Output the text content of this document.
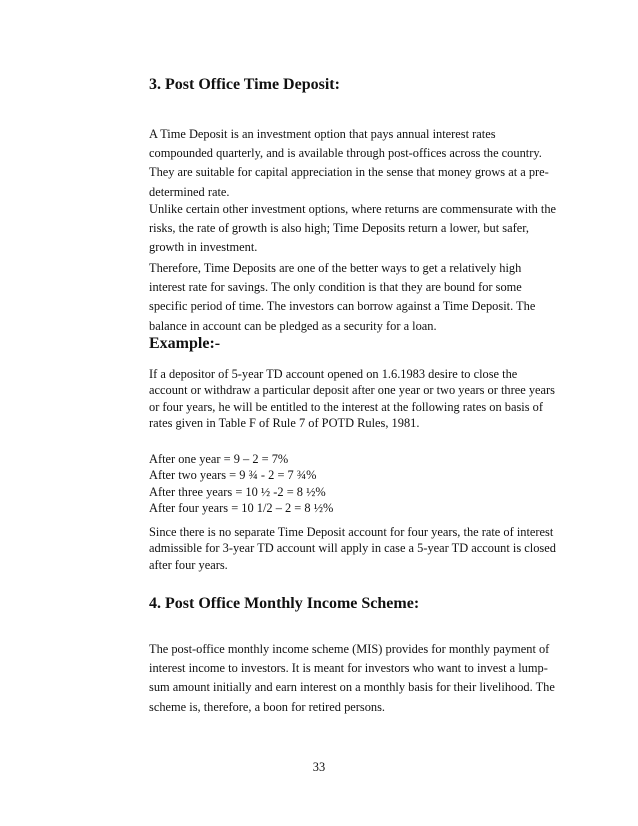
3. Post Office Time Deposit:

A Time Deposit is an investment option that pays annual interest rates
compounded quarterly, and is available through post-offices across the country.
They are suitable for capital appreciation in the sense that money grows at a pre-
determined rate.

Unlike certain other investment options, where returns are commensurate with the
risks, the rate of growth is also high; Time Deposits return a lower, but safer,
growth in investment.

Therefore, Time Deposits are one of the better ways to get a relatively high
interest rate for savings. The only condition is that they are bound for some
specific period of time. The investors can borrow against a Time Deposit. The
balance in account can be pledged as a security for a loan.

Example:-

If a depositor of 5-year TD account opened on 1.6.1983 desire to close the
account or withdraw a particular deposit after one year or two years or three years
or four years, he will be entitled to the interest at the following rates on basis of
rates given in Table F of Rule 7 of POTD Rules, 1981.

After one year = 9 – 2 = 7%
After two years = 9 ¾ - 2 = 7 ¾%
After three years = 10 ½ -2 = 8 ½%
After four years = 10 1/2 – 2 = 8 ½%

Since there is no separate Time Deposit account for four years, the rate of interest
admissible for 3-year TD account will apply in case a 5-year TD account is closed
after four years.

4. Post Office Monthly Income Scheme:

The post-office monthly income scheme (MIS) provides for monthly payment of
interest income to investors. It is meant for investors who want to invest a lump-
sum amount initially and earn interest on a monthly basis for their livelihood. The
scheme is, therefore, a boon for retired persons.

33
